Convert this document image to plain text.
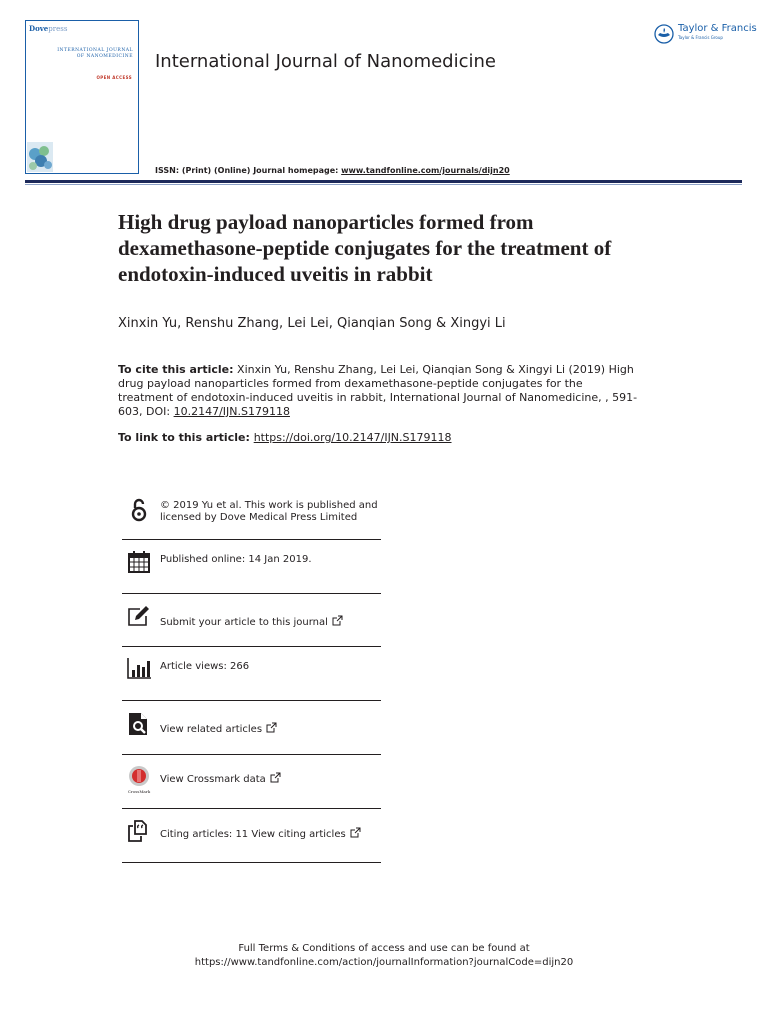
Dovepress
INTERNATIONAL JOURNAL
OF NANOMEDICINE
OPEN ACCESS
International Journal of Nanomedicine
ISSN: (Print) (Online) Journal homepage: www.tandfonline.com/journals/dijn20
Taylor & Francis
Taylor & Francis Group
High drug payload nanoparticles formed from dexamethasone-peptide conjugates for the treatment of endotoxin-induced uveitis in rabbit
Xinxin Yu, Renshu Zhang, Lei Lei, Qianqian Song & Xingyi Li
To cite this article: Xinxin Yu, Renshu Zhang, Lei Lei, Qianqian Song & Xingyi Li (2019) High drug payload nanoparticles formed from dexamethasone-peptide conjugates for the treatment of endotoxin-induced uveitis in rabbit, International Journal of Nanomedicine, , 591-603, DOI: 10.2147/IJN.S179118
To link to this article: https://doi.org/10.2147/IJN.S179118
© 2019 Yu et al. This work is published and
licensed by Dove Medical Press Limited
Published online: 14 Jan 2019.
Submit your article to this journal
Article views: 266
View related articles
CrossMark
View Crossmark data
Citing articles: 11 View citing articles
Full Terms & Conditions of access and use can be found at
https://www.tandfonline.com/action/journalInformation?journalCode=dijn20
